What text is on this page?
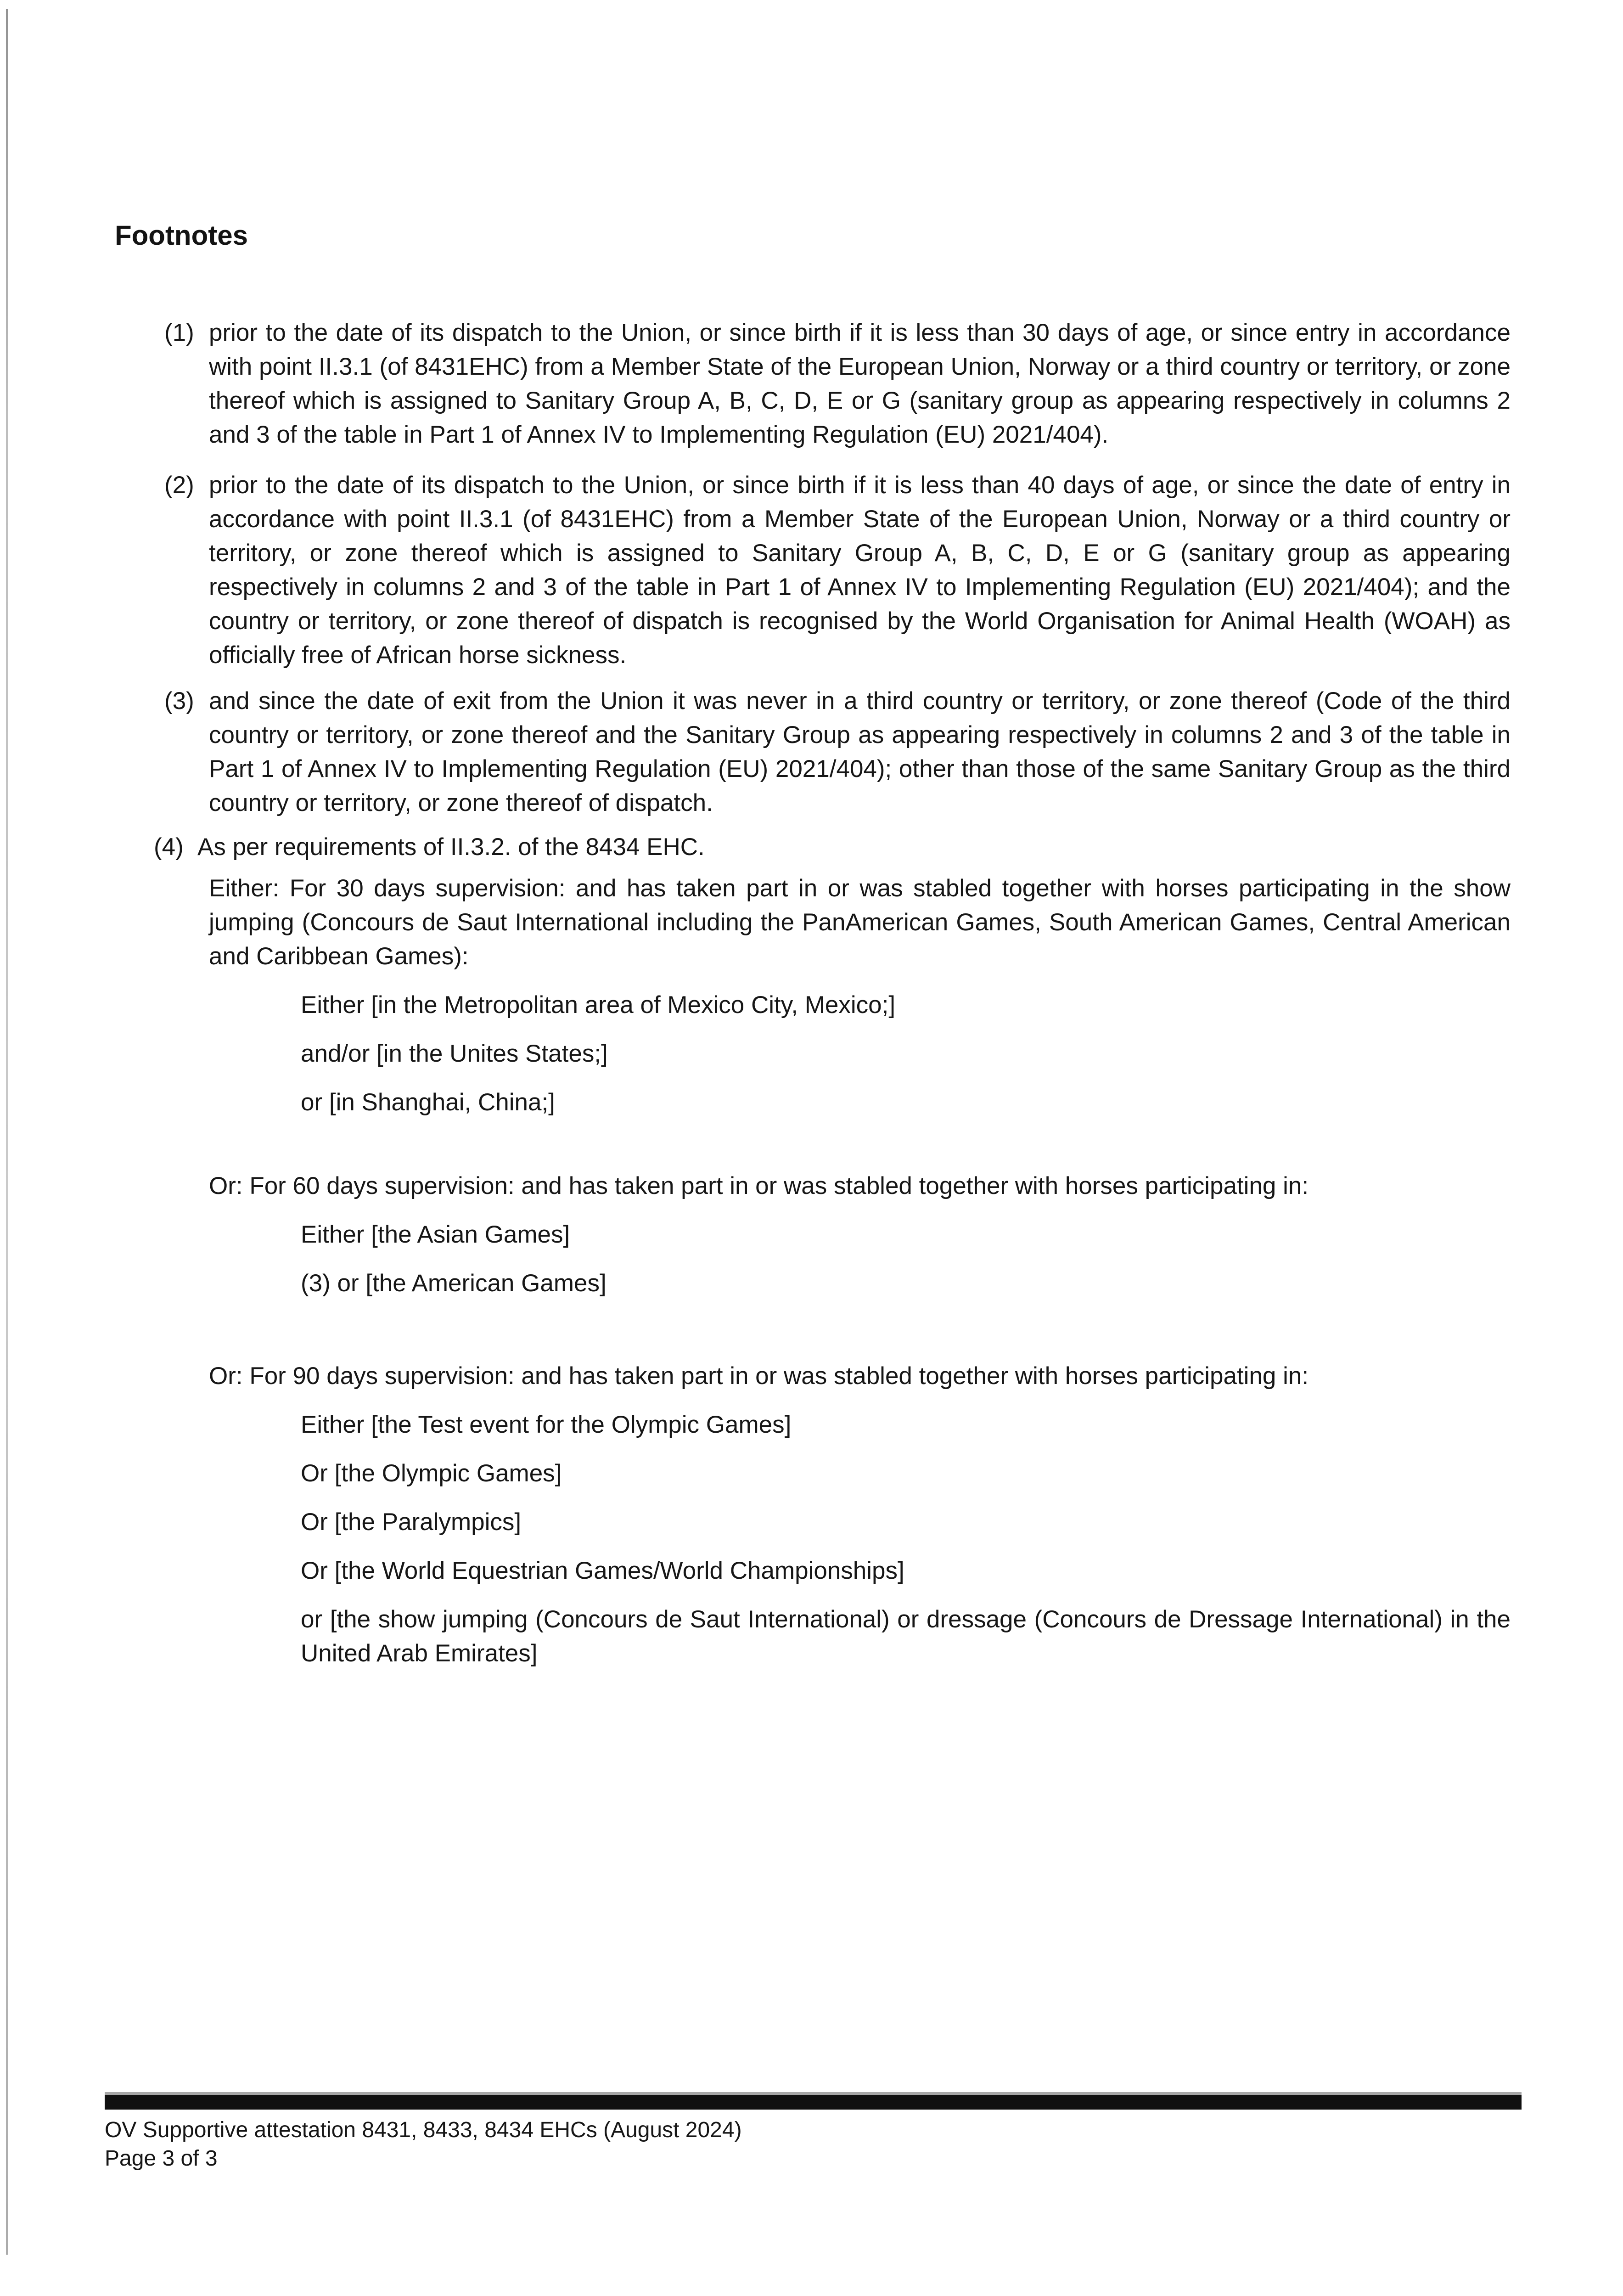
Footnotes
(1) prior to the date of its dispatch to the Union, or since birth if it is less than 30 days of age, or since entry in accordance with point II.3.1 (of 8431EHC) from a Member State of the European Union, Norway or a third country or territory, or zone thereof which is assigned to Sanitary Group A, B, C, D, E or G (sanitary group as appearing respectively in columns 2 and 3 of the table in Part 1 of Annex IV to Implementing Regulation (EU) 2021/404).
(2) prior to the date of its dispatch to the Union, or since birth if it is less than 40 days of age, or since the date of entry in accordance with point II.3.1 (of 8431EHC) from a Member State of the European Union, Norway or a third country or territory, or zone thereof which is assigned to Sanitary Group A, B, C, D, E or G (sanitary group as appearing respectively in columns 2 and 3 of the table in Part 1 of Annex IV to Implementing Regulation (EU) 2021/404); and the country or territory, or zone thereof of dispatch is recognised by the World Organisation for Animal Health (WOAH) as officially free of African horse sickness.
(3) and since the date of exit from the Union it was never in a third country or territory, or zone thereof (Code of the third country or territory, or zone thereof and the Sanitary Group as appearing respectively in columns 2 and 3 of the table in Part 1 of Annex IV to Implementing Regulation (EU) 2021/404); other than those of the same Sanitary Group as the third country or territory, or zone thereof of dispatch.
(4) As per requirements of II.3.2. of the 8434 EHC.

Either: For 30 days supervision: and has taken part in or was stabled together with horses participating in the show jumping (Concours de Saut International including the PanAmerican Games, South American Games, Central American and Caribbean Games):

Either [in the Metropolitan area of Mexico City, Mexico;]

and/or [in the Unites States;]

or [in Shanghai, China;]

Or: For 60 days supervision: and has taken part in or was stabled together with horses participating in:

Either [the Asian Games]

(3) or [the American Games]

Or: For 90 days supervision: and has taken part in or was stabled together with horses participating in:

Either [the Test event for the Olympic Games]

Or [the Olympic Games]

Or [the Paralympics]

Or [the World Equestrian Games/World Championships]

or [the show jumping (Concours de Saut International) or dressage (Concours de Dressage International) in the United Arab Emirates]

OV Supportive attestation 8431, 8433, 8434 EHCs (August 2024)

Page 3 of 3
